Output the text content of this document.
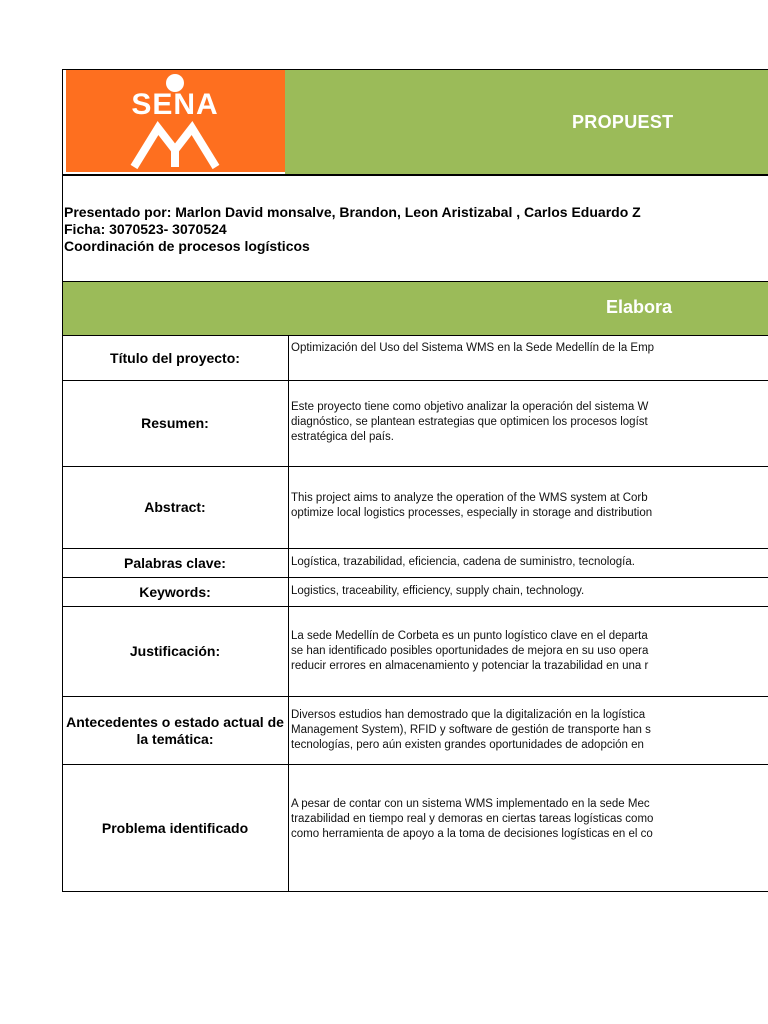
SENA
PROPUEST
Presentado por: Marlon David monsalve, Brandon, Leon Aristizabal , Carlos Eduardo Z
Ficha: 3070523- 3070524
Coordinación de procesos logísticos
Elabora
Título del proyecto:
Optimización del Uso del Sistema WMS en la Sede Medellín de la Emp
Resumen:
Este proyecto tiene como objetivo analizar la operación del sistema W
diagnóstico, se plantean estrategias que optimicen los procesos logíst
estratégica del país.
Abstract:
This project aims to analyze the operation of the WMS system at Corb
optimize local logistics processes, especially in storage and distribution
Palabras clave:	Logística, trazabilidad, eficiencia, cadena de suministro, tecnología.
Keywords:	Logistics, traceability, efficiency, supply chain, technology.
Justificación:
La sede Medellín de Corbeta es un punto logístico clave en el departa
se han identificado posibles oportunidades de mejora en su uso opera
reducir errores en almacenamiento y potenciar la trazabilidad en una r
Antecedentes o estado actual de la temática:
Diversos estudios han demostrado que la digitalización en la logística
Management System), RFID y software de gestión de transporte han s
tecnologías, pero aún existen grandes oportunidades de adopción en
Problema identificado
A pesar de contar con un sistema WMS implementado en la sede Mec
trazabilidad en tiempo real y demoras en ciertas tareas logísticas como
como herramienta de apoyo a la toma de decisiones logísticas en el co
